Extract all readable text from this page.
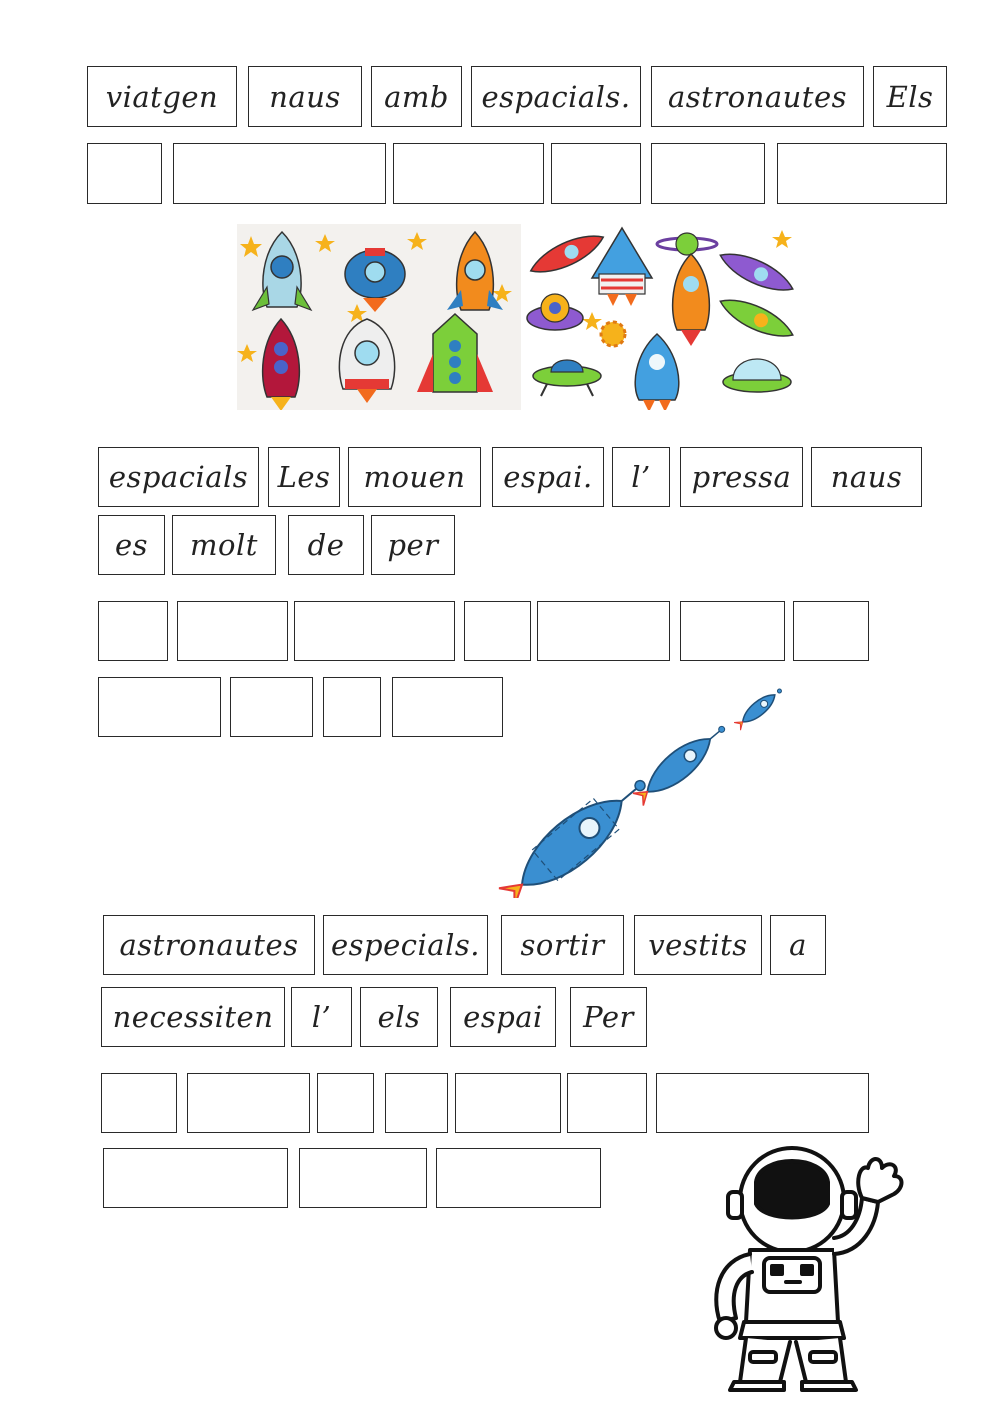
viatgen	naus	amb	espacials.	astronautes	Els
espacials	Les	mouen	espai.	l’	pressa	naus
es	molt	de	per
astronautes	especials.	sortir	vestits	a
necessiten	l’	els	espai	Per
